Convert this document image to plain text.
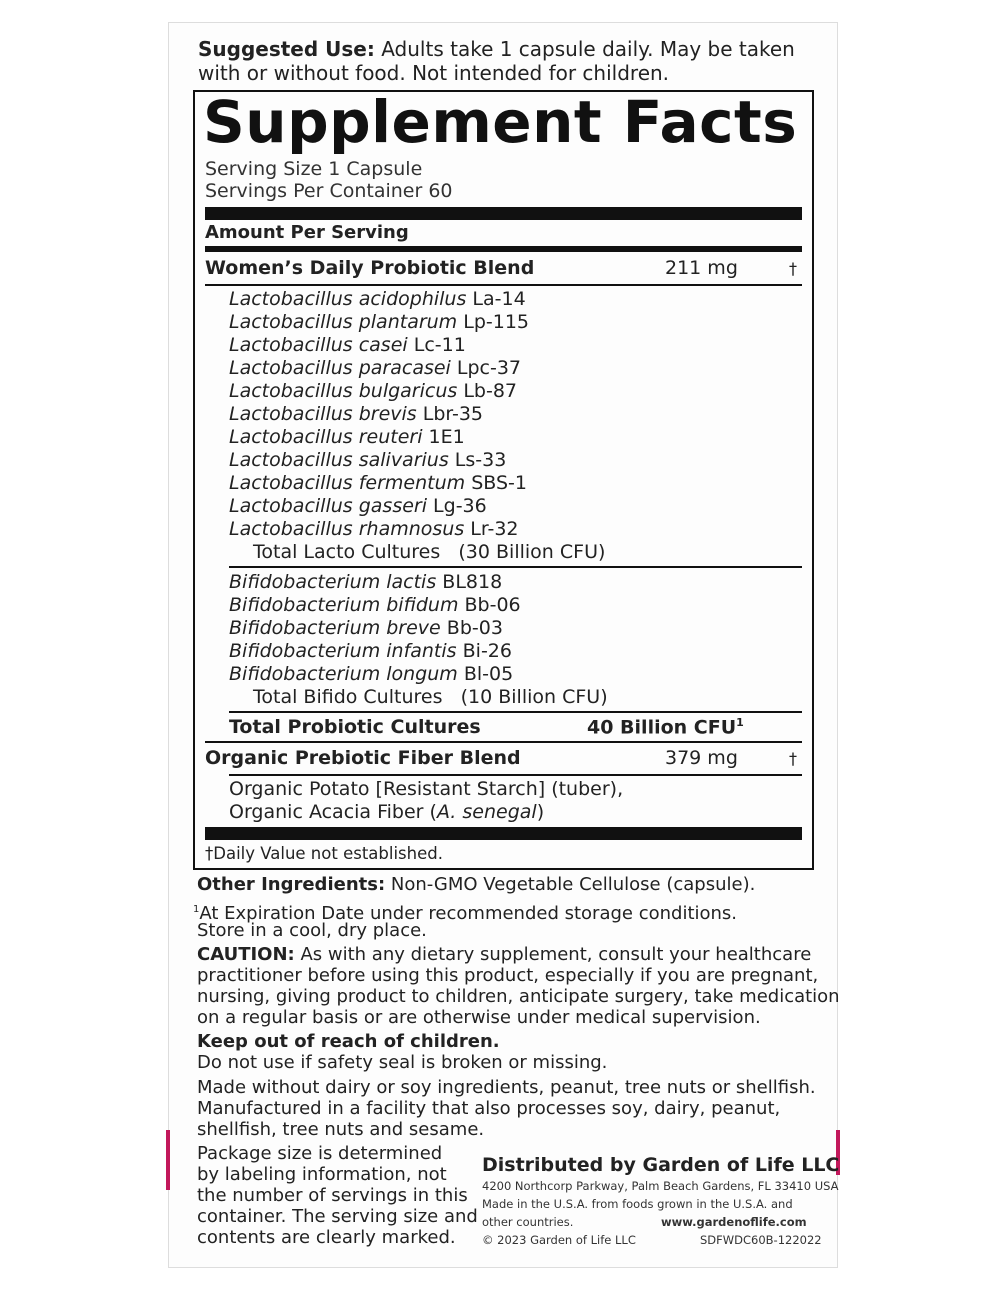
Suggested Use: Adults take 1 capsule daily. May be taken
with or without food. Not intended for children.
Supplement Facts
Serving Size 1 Capsule
Servings Per Container 60
Amount Per Serving
Women’s Daily Probiotic Blend	211 mg	†
Lactobacillus acidophilus La-14
Lactobacillus plantarum Lp-115
Lactobacillus casei Lc-11
Lactobacillus paracasei Lpc-37
Lactobacillus bulgaricus Lb-87
Lactobacillus brevis Lbr-35
Lactobacillus reuteri 1E1
Lactobacillus salivarius Ls-33
Lactobacillus fermentum SBS-1
Lactobacillus gasseri Lg-36
Lactobacillus rhamnosus Lr-32
Total Lacto Cultures (30 Billion CFU)
Bifidobacterium lactis BL818
Bifidobacterium bifidum Bb-06
Bifidobacterium breve Bb-03
Bifidobacterium infantis Bi-26
Bifidobacterium longum Bl-05
Total Bifido Cultures (10 Billion CFU)
Total Probiotic Cultures	40 Billion CFU$^1$
Organic Prebiotic Fiber Blend	379 mg	†
Organic Potato [Resistant Starch] (tuber),
Organic Acacia Fiber (A. senegal)
†Daily Value not established.
Other Ingredients: Non-GMO Vegetable Cellulose (capsule).
$^1$At Expiration Date under recommended storage conditions.
Store in a cool, dry place.
CAUTION: As with any dietary supplement, consult your healthcare
practitioner before using this product, especially if you are pregnant,
nursing, giving product to children, anticipate surgery, take medication
on a regular basis or are otherwise under medical supervision.
Keep out of reach of children.
Do not use if safety seal is broken or missing.
Made without dairy or soy ingredients, peanut, tree nuts or shellfish.
Manufactured in a facility that also processes soy, dairy, peanut,
shellfish, tree nuts and sesame.
Package size is determined
by labeling information, not
the number of servings in this
container. The serving size and
contents are clearly marked.
Distributed by Garden of Life LLC
4200 Northcorp Parkway, Palm Beach Gardens, FL 33410 USA
Made in the U.S.A. from foods grown in the U.S.A. and
other countries.	www.gardenoflife.com
© 2023 Garden of Life LLC	SDFWDC60B-122022
